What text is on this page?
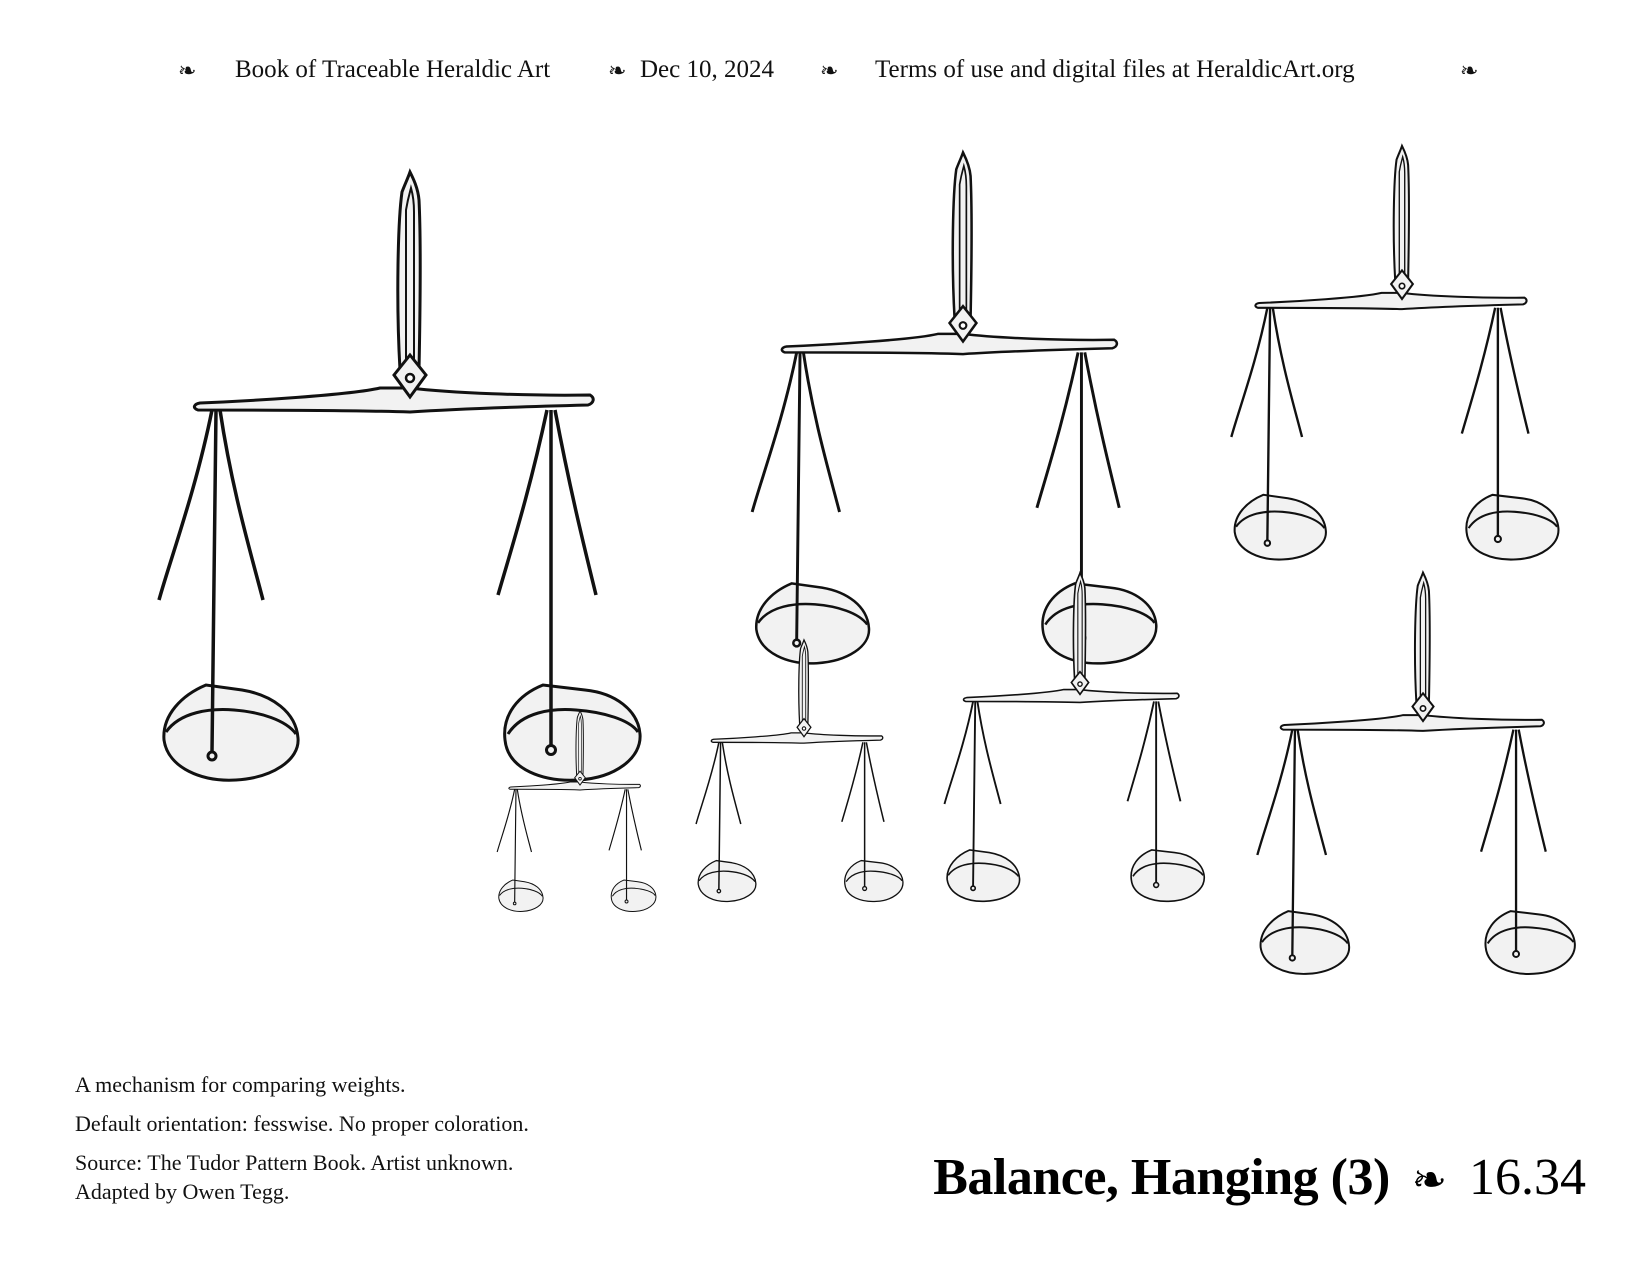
❧ Book of Traceable Heraldic Art	❧ Dec 10, 2024 ❧ Terms of use and digital files at HeraldicArt.org	❧

A mechanism for comparing weights.

Default orientation: fesswise. No proper coloration.

Source: The Tudor Pattern Book. Artist unknown.

Adapted by Owen Tegg.	Balance, Hanging (3) ❧ 16.34
